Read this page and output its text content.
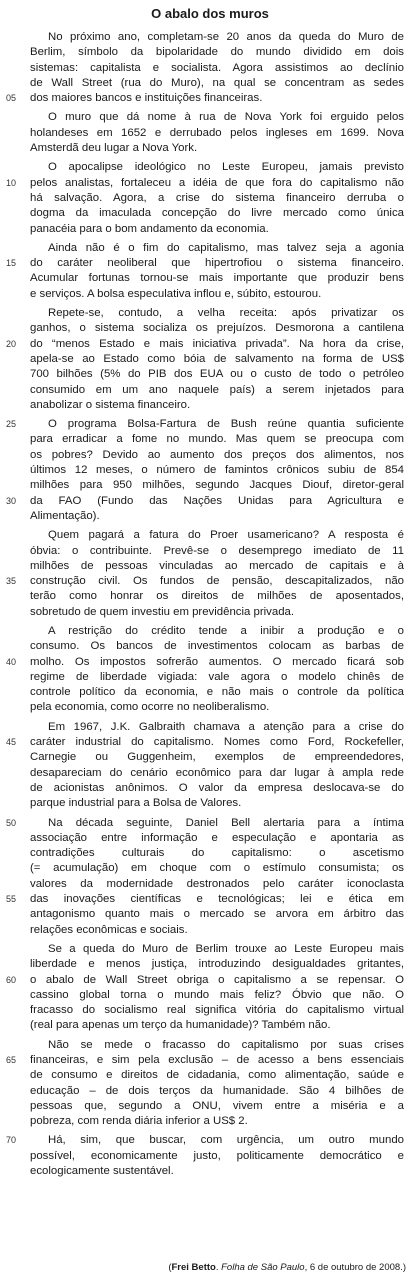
O abalo dos muros
No próximo ano, completam-se 20 anos da queda do Muro de
Berlim, símbolo da bipolaridade do mundo dividido em dois
sistemas: capitalista e socialista. Agora assistimos ao declínio
de Wall Street (rua do Muro), na qual se concentram as sedes
05	dos maiores bancos e instituições financeiras.
O muro que dá nome à rua de Nova York foi erguido pelos
holandeses em 1652 e derrubado pelos ingleses em 1699. Nova
Amsterdã deu lugar a Nova York.
O apocalipse ideológico no Leste Europeu, jamais previsto
10	pelos analistas, fortaleceu a idéia de que fora do capitalismo não
há salvação. Agora, a crise do sistema financeiro derruba o
dogma da imaculada concepção do livre mercado como única
panacéia para o bom andamento da economia.
Ainda não é o fim do capitalismo, mas talvez seja a agonia
15	do caráter neoliberal que hipertrofiou o sistema financeiro.
Acumular fortunas tornou-se mais importante que produzir bens
e serviços. A bolsa especulativa inflou e, súbito, estourou.
Repete-se, contudo, a velha receita: após privatizar os
ganhos, o sistema socializa os prejuízos. Desmorona a cantilena
20	do “menos Estado e mais iniciativa privada”. Na hora da crise,
apela-se ao Estado como bóia de salvamento na forma de US$
700 bilhões (5% do PIB dos EUA ou o custo de todo o petróleo
consumido em um ano naquele país) a serem injetados para
anabolizar o sistema financeiro.
25	O programa Bolsa-Fartura de Bush reúne quantia suficiente
para erradicar a fome no mundo. Mas quem se preocupa com
os pobres? Devido ao aumento dos preços dos alimentos, nos
últimos 12 meses, o número de famintos crônicos subiu de 854
milhões para 950 milhões, segundo Jacques Diouf, diretor-geral
30	da FAO (Fundo das Nações Unidas para Agricultura e
Alimentação).
Quem pagará a fatura do Proer usamericano? A resposta é
óbvia: o contribuinte. Prevê-se o desemprego imediato de 11
milhões de pessoas vinculadas ao mercado de capitais e à
35	construção civil. Os fundos de pensão, descapitalizados, não
terão como honrar os direitos de milhões de aposentados,
sobretudo de quem investiu em previdência privada.
A restrição do crédito tende a inibir a produção e o
consumo. Os bancos de investimentos colocam as barbas de
40	molho. Os impostos sofrerão aumentos. O mercado ficará sob
regime de liberdade vigiada: vale agora o modelo chinês de
controle político da economia, e não mais o controle da política
pela economia, como ocorre no neoliberalismo.
Em 1967, J.K. Galbraith chamava a atenção para a crise do
45	caráter industrial do capitalismo. Nomes como Ford, Rockefeller,
Carnegie ou Guggenheim, exemplos de empreendedores,
desapareciam do cenário econômico para dar lugar à ampla rede
de acionistas anônimos. O valor da empresa deslocava-se do
parque industrial para a Bolsa de Valores.
50	Na década seguinte, Daniel Bell alertaria para a íntima
associação entre informação e especulação e apontaria as
contradições culturais do capitalismo: o ascetismo
(= acumulação) em choque com o estímulo consumista; os
valores da modernidade destronados pelo caráter iconoclasta
55	das inovações científicas e tecnológicas; lei e ética em
antagonismo quanto mais o mercado se arvora em árbitro das
relações econômicas e sociais.
Se a queda do Muro de Berlim trouxe ao Leste Europeu mais
liberdade e menos justiça, introduzindo desigualdades gritantes,
60	o abalo de Wall Street obriga o capitalismo a se repensar. O
cassino global torna o mundo mais feliz? Óbvio que não. O
fracasso do socialismo real significa vitória do capitalismo virtual
(real para apenas um terço da humanidade)? Também não.
Não se mede o fracasso do capitalismo por suas crises
65	financeiras, e sim pela exclusão – de acesso a bens essenciais
de consumo e direitos de cidadania, como alimentação, saúde e
educação – de dois terços da humanidade. São 4 bilhões de
pessoas que, segundo a ONU, vivem entre a miséria e a
pobreza, com renda diária inferior a US$ 2.
70	Há, sim, que buscar, com urgência, um outro mundo
possível, economicamente justo, politicamente democrático e
ecologicamente sustentável.
(Frei Betto. Folha de São Paulo, 6 de outubro de 2008.)
